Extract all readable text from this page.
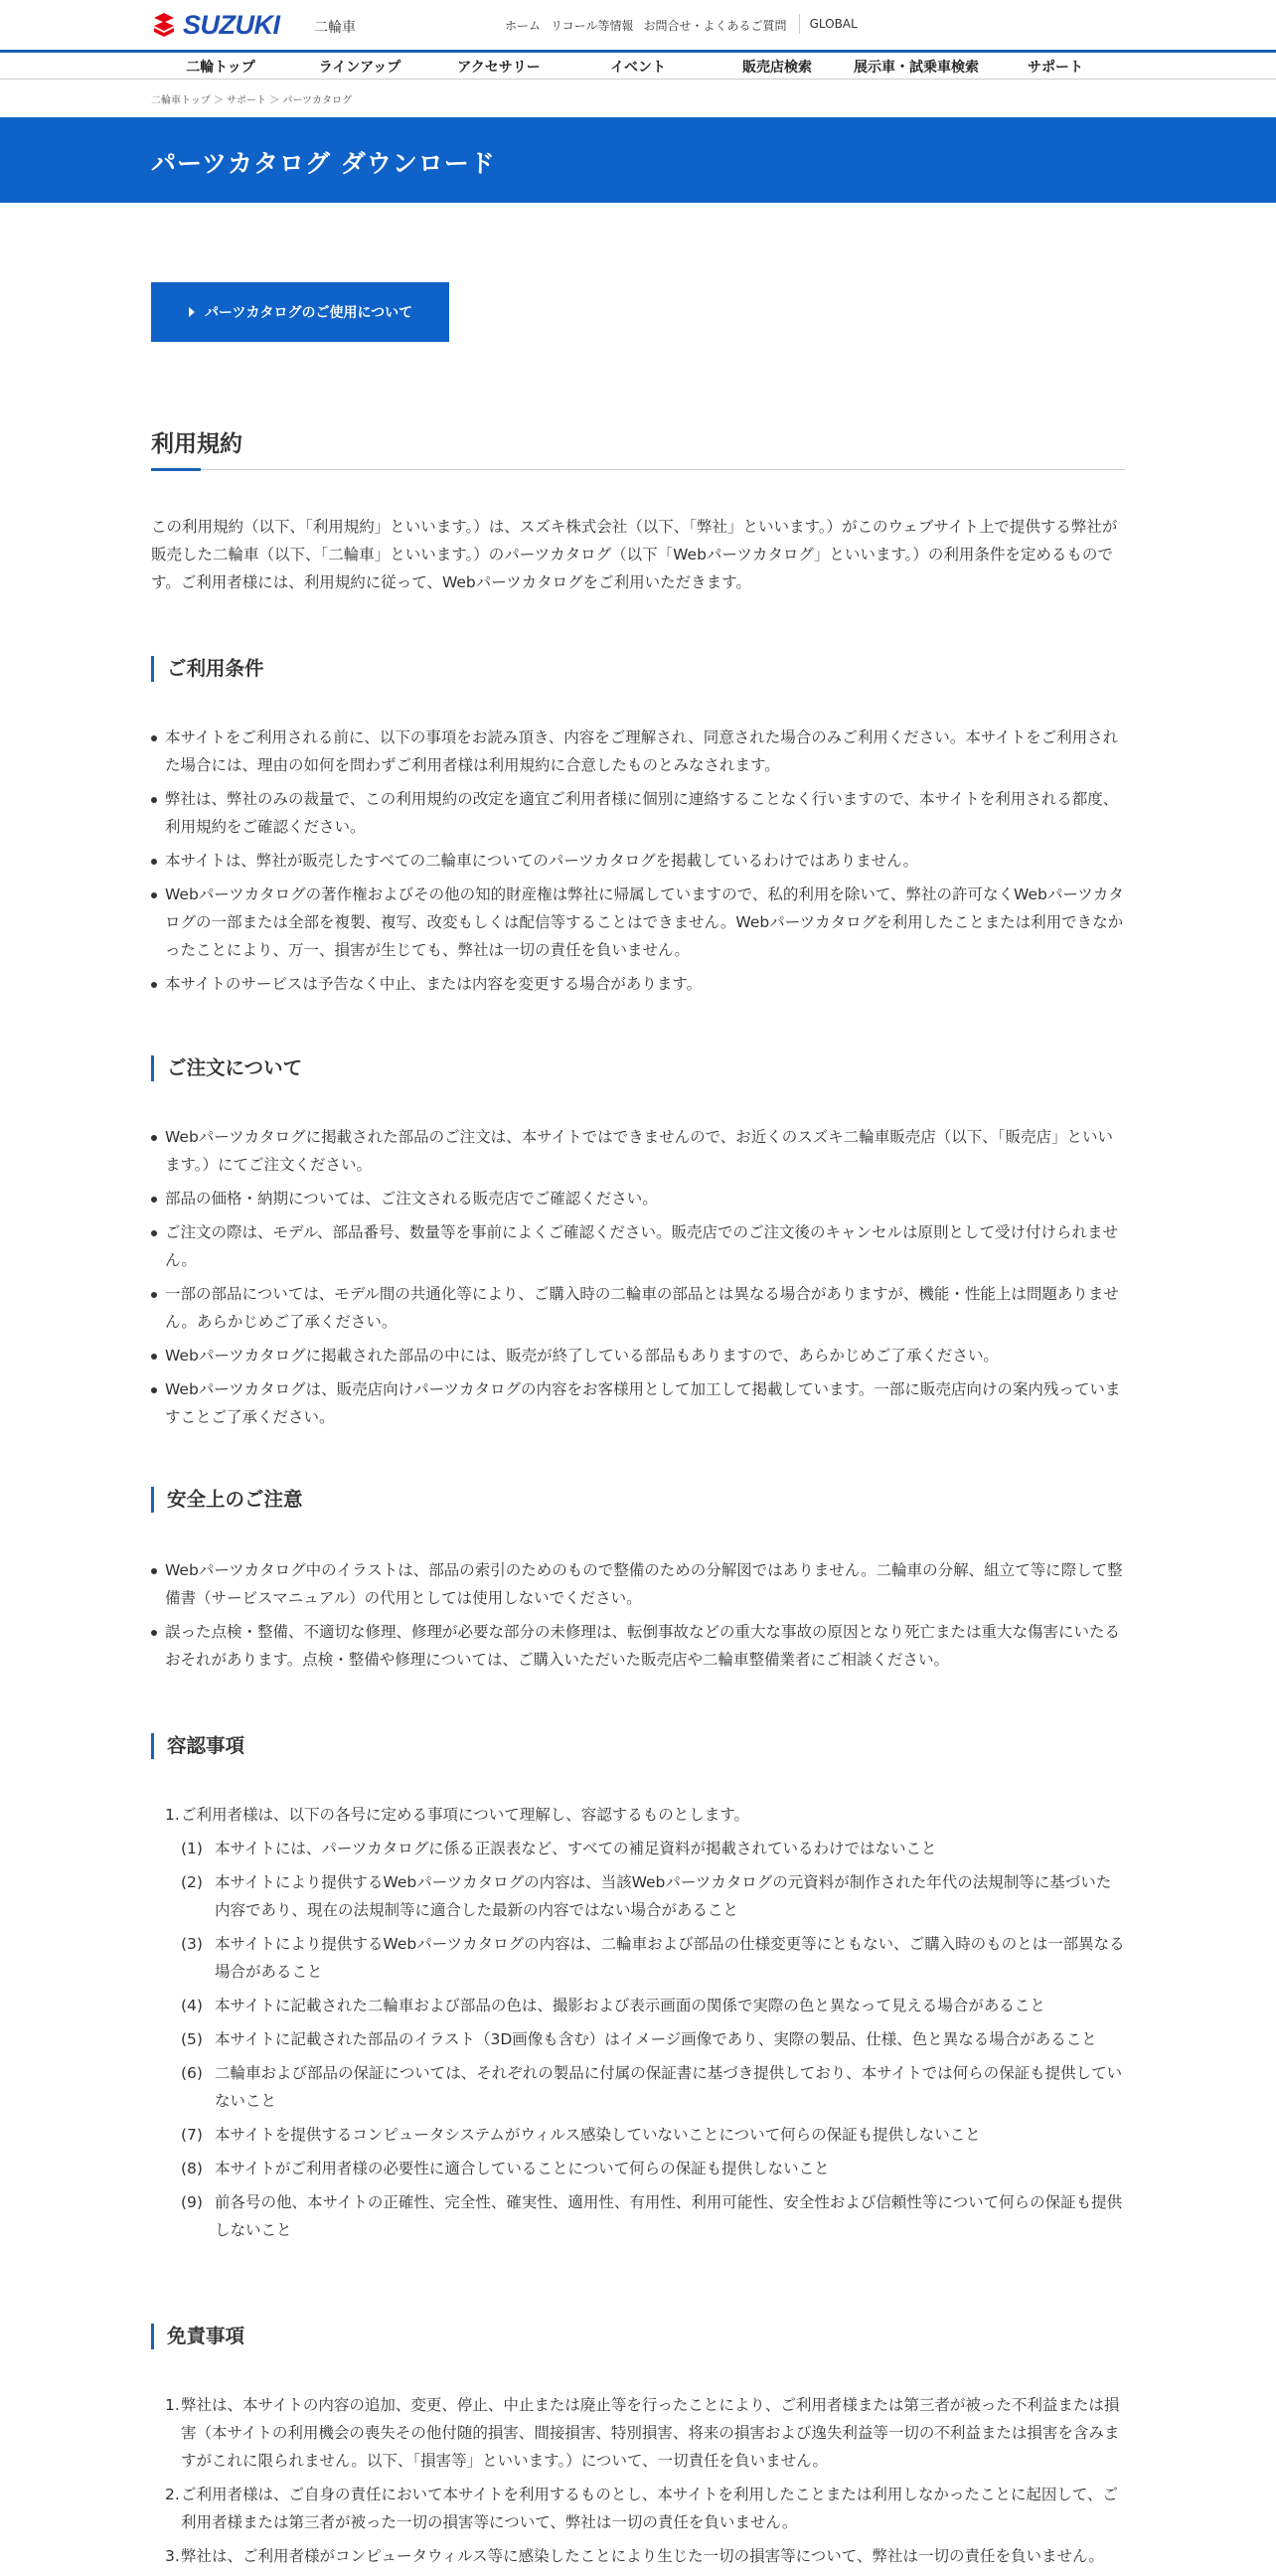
SUZUKI 二輪車	ホーム リコール等情報 お問合せ・よくあるご質問 GLOBAL
二輪トップ	ラインアップ	アクセサリー	イベント	販売店検索	展示車・試乗車検索	サポート
二輪車トップ ＞ サポート ＞ パーツカタログ
パーツカタログ ダウンロード
パーツカタログのご使用について
利用規約
この利用規約（以下、「利用規約」といいます。）は、スズキ株式会社（以下、「弊社」といいます。）がこのウェブサイト上で提供する弊社が販売した二輪車（以下、「二輪車」といいます。）のパーツカタログ（以下「Webパーツカタログ」といいます。）の利用条件を定めるものです。ご利用者様には、利用規約に従って、Webパーツカタログをご利用いただきます。
ご利用条件
本サイトをご利用される前に、以下の事項をお読み頂き、内容をご理解され、同意された場合のみご利用ください。本サイトをご利用された場合には、理由の如何を問わずご利用者様は利用規約に合意したものとみなされます。
弊社は、弊社のみの裁量で、この利用規約の改定を適宜ご利用者様に個別に連絡することなく行いますので、本サイトを利用される都度、利用規約をご確認ください。
本サイトは、弊社が販売したすべての二輪車についてのパーツカタログを掲載しているわけではありません。
Webパーツカタログの著作権およびその他の知的財産権は弊社に帰属していますので、私的利用を除いて、弊社の許可なくWebパーツカタログの一部または全部を複製、複写、改変もしくは配信等することはできません。Webパーツカタログを利用したことまたは利用できなかったことにより、万一、損害が生じても、弊社は一切の責任を負いません。
本サイトのサービスは予告なく中止、または内容を変更する場合があります。
ご注文について
Webパーツカタログに掲載された部品のご注文は、本サイトではできませんので、お近くのスズキ二輪車販売店（以下、「販売店」といいます。）にてご注文ください。
部品の価格・納期については、ご注文される販売店でご確認ください。
ご注文の際は、モデル、部品番号、数量等を事前によくご確認ください。販売店でのご注文後のキャンセルは原則として受け付けられません。
一部の部品については、モデル間の共通化等により、ご購入時の二輪車の部品とは異なる場合がありますが、機能・性能上は問題ありません。あらかじめご了承ください。
Webパーツカタログに掲載された部品の中には、販売が終了している部品もありますので、あらかじめご了承ください。
Webパーツカタログは、販売店向けパーツカタログの内容をお客様用として加工して掲載しています。一部に販売店向けの案内残っていますことご了承ください。
安全上のご注意
Webパーツカタログ中のイラストは、部品の索引のためのもので整備のための分解図ではありません。二輪車の分解、組立て等に際して整備書（サービスマニュアル）の代用としては使用しないでください。
誤った点検・整備、不適切な修理、修理が必要な部分の未修理は、転倒事故などの重大な事故の原因となり死亡または重大な傷害にいたるおそれがあります。点検・整備や修理については、ご購入いただいた販売店や二輪車整備業者にご相談ください。
容認事項
1. ご利用者様は、以下の各号に定める事項について理解し、容認するものとします。
(1) 本サイトには、パーツカタログに係る正誤表など、すべての補足資料が掲載されているわけではないこと
(2) 本サイトにより提供するWebパーツカタログの内容は、当該Webパーツカタログの元資料が制作された年代の法規制等に基づいた内容であり、現在の法規制等に適合した最新の内容ではない場合があること
(3) 本サイトにより提供するWebパーツカタログの内容は、二輪車および部品の仕様変更等にともない、ご購入時のものとは一部異なる場合があること
(4) 本サイトに記載された二輪車および部品の色は、撮影および表示画面の関係で実際の色と異なって見える場合があること
(5) 本サイトに記載された部品のイラスト（3D画像も含む）はイメージ画像であり、実際の製品、仕様、色と異なる場合があること
(6) 二輪車および部品の保証については、それぞれの製品に付属の保証書に基づき提供しており、本サイトでは何らの保証も提供していないこと
(7) 本サイトを提供するコンピュータシステムがウィルス感染していないことについて何らの保証も提供しないこと
(8) 本サイトがご利用者様の必要性に適合していることについて何らの保証も提供しないこと
(9) 前各号の他、本サイトの正確性、完全性、確実性、適用性、有用性、利用可能性、安全性および信頼性等について何らの保証も提供しないこと
免責事項
1. 弊社は、本サイトの内容の追加、変更、停止、中止または廃止等を行ったことにより、ご利用者様または第三者が被った不利益または損害（本サイトの利用機会の喪失その他付随的損害、間接損害、特別損害、将来の損害および逸失利益等一切の不利益または損害を含みますがこれに限られません。以下、「損害等」といいます。）について、一切責任を負いません。
2. ご利用者様は、ご自身の責任において本サイトを利用するものとし、本サイトを利用したことまたは利用しなかったことに起因して、ご利用者様または第三者が被った一切の損害等について、弊社は一切の責任を負いません。
3. 弊社は、ご利用者様がコンピュータウィルス等に感染したことにより生じた一切の損害等について、弊社は一切の責任を負いません。
